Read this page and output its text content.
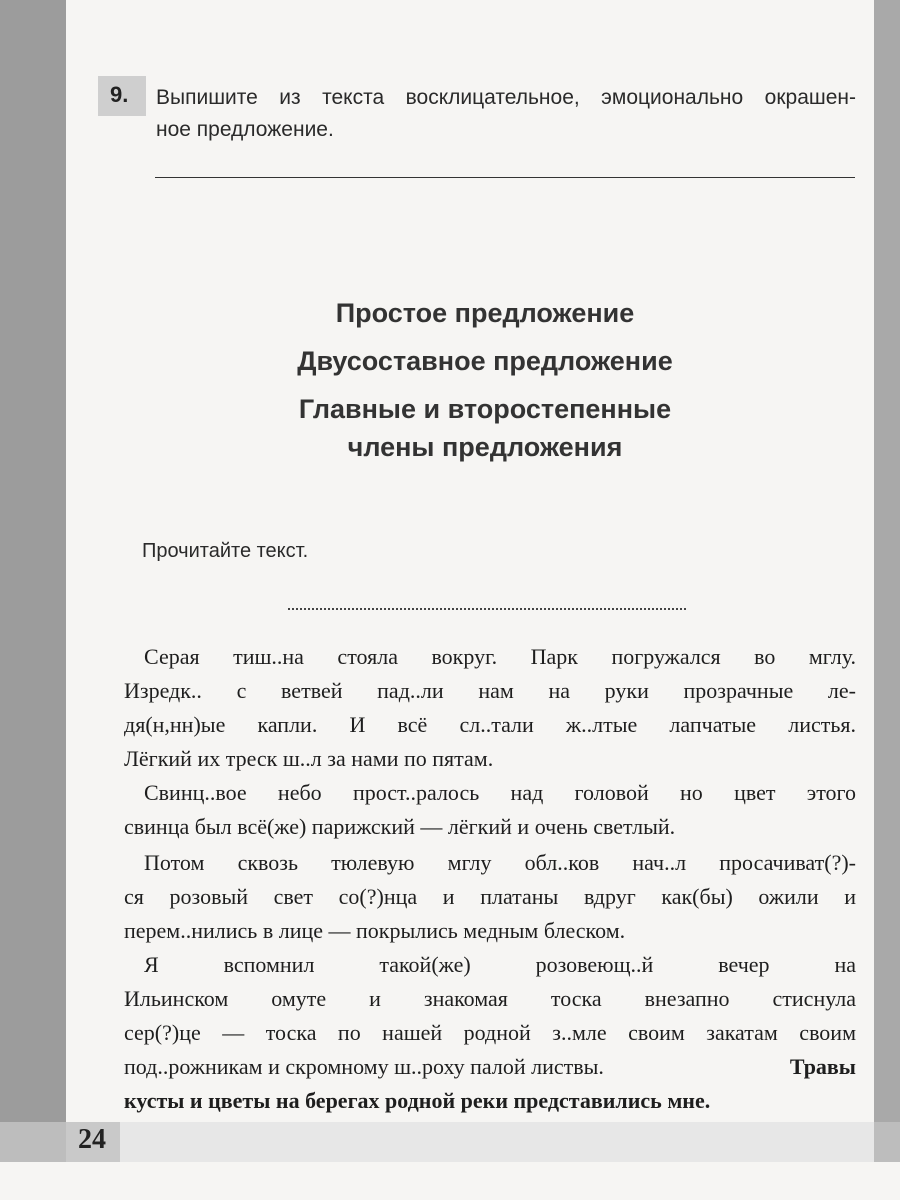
24
9. Выпишите из текста восклицательное, эмоционально окрашен-
ное предложение.
Простое предложение
Двусоставное предложение
Главные и второстепенные
члены предложения
Прочитайте текст.
Серая тиш..на стояла вокруг. Парк погружался во мглу.
Изредк.. с ветвей пад..ли нам на руки прозрачные ле-
дя(н,нн)ые капли. И всё сл..тали ж..лтые лапчатые листья.
Лёгкий их треск ш..л за нами по пятам.
Свинц..вое небо прост..ралось над головой но цвет этого
свинца был всё(же) парижский — лёгкий и очень светлый.
Потом сквозь тюлевую мглу обл..ков нач..л просачиват(?)-
ся розовый свет со(?)нца и платаны вдруг как(бы) ожили и
перем..нились в лице — покрылись медным блеском.
Я вспомнил такой(же) розовеющ..й вечер на
Ильинском омуте и знакомая тоска внезапно стиснула
сер(?)це — тоска по нашей родной з..мле своим закатам своим
под..рожникам и скромному ш..роху палой листвы.	Травы
кусты и цветы на берегах родной реки представились мне.
